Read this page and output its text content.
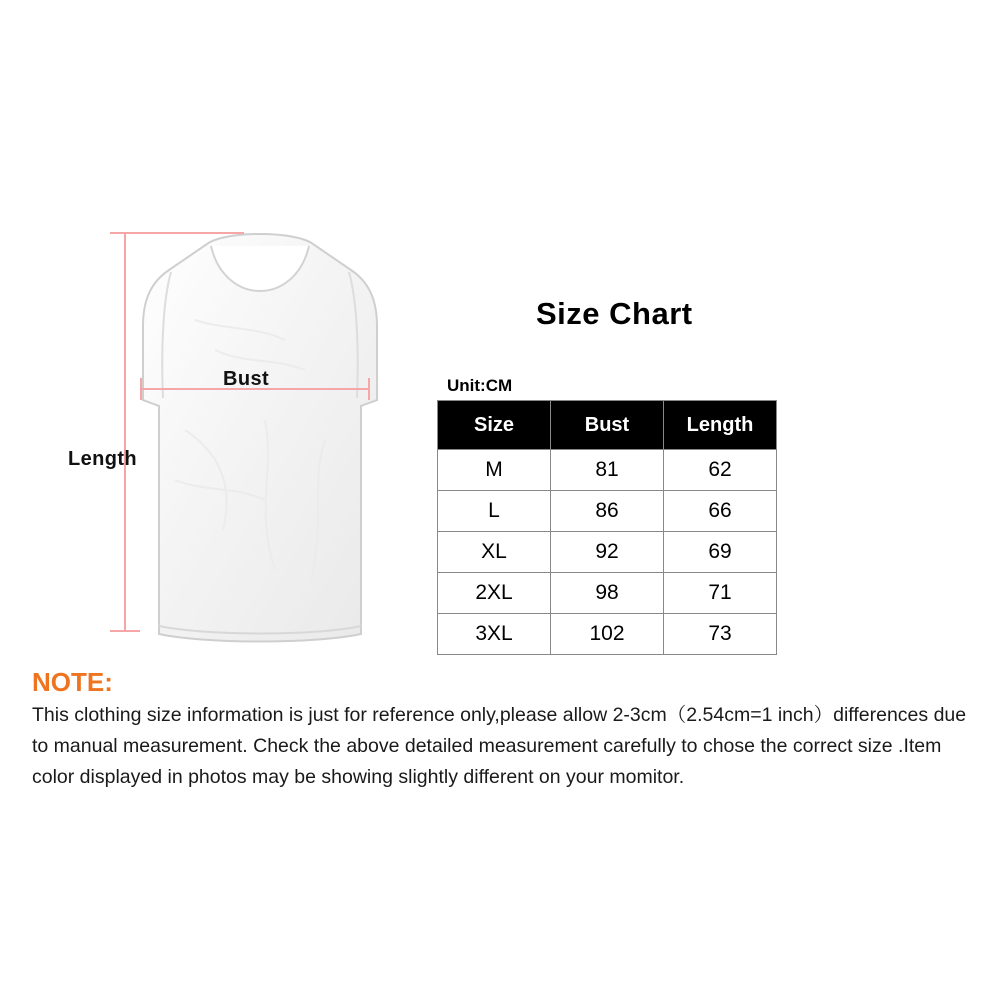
Length
Bust
Size Chart
Unit:CM
Size	Bust	Length
M	81	62
L	86	66
XL	92	69
2XL	98	71
3XL	102	73
NOTE:
This clothing size information is just for reference only,please allow 2-3cm（2.54cm=1 inch）differences due to manual measurement. Check the above detailed measurement carefully to chose the correct size .Item color displayed in photos may be showing slightly different on your momitor.
